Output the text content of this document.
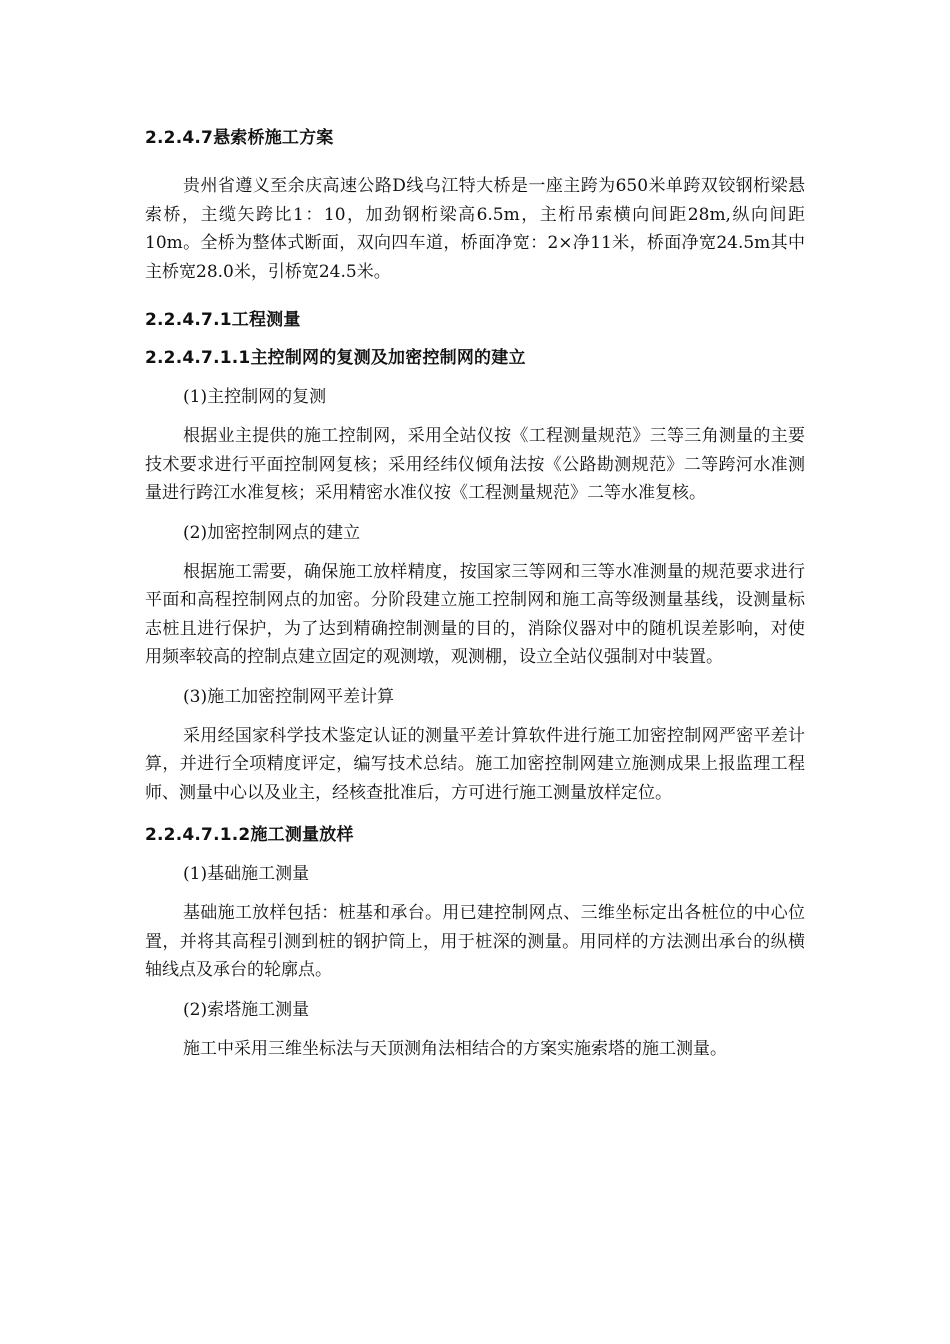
2.2.4.7悬索桥施工方案

贵州省遵义至余庆高速公路D线乌江特大桥是一座主跨为650米单跨双铰钢桁梁悬索桥，主缆矢跨比1：10，加劲钢桁梁高6.5m，主桁吊索横向间距28m,纵向间距10m。全桥为整体式断面，双向四车道，桥面净宽：2×净11米，桥面净宽24.5m其中主桥宽28.0米，引桥宽24.5米。

2.2.4.7.1工程测量
2.2.4.7.1.1主控制网的复测及加密控制网的建立

(1)主控制网的复测

根据业主提供的施工控制网，采用全站仪按《工程测量规范》三等三角测量的主要技术要求进行平面控制网复核；采用经纬仪倾角法按《公路勘测规范》二等跨河水准测量进行跨江水准复核；采用精密水准仪按《工程测量规范》二等水准复核。

(2)加密控制网点的建立

根据施工需要，确保施工放样精度，按国家三等网和三等水准测量的规范要求进行平面和高程控制网点的加密。分阶段建立施工控制网和施工高等级测量基线，设测量标志桩且进行保护，为了达到精确控制测量的目的，消除仪器对中的随机误差影响，对使用频率较高的控制点建立固定的观测墩，观测棚，设立全站仪强制对中装置。

(3)施工加密控制网平差计算

采用经国家科学技术鉴定认证的测量平差计算软件进行施工加密控制网严密平差计算，并进行全项精度评定，编写技术总结。施工加密控制网建立施测成果上报监理工程师、测量中心以及业主，经核查批准后，方可进行施工测量放样定位。

2.2.4.7.1.2施工测量放样

(1)基础施工测量

基础施工放样包括：桩基和承台。用已建控制网点、三维坐标定出各桩位的中心位置，并将其高程引测到桩的钢护筒上，用于桩深的测量。用同样的方法测出承台的纵横轴线点及承台的轮廓点。

(2)索塔施工测量

施工中采用三维坐标法与天顶测角法相结合的方案实施索塔的施工测量。
